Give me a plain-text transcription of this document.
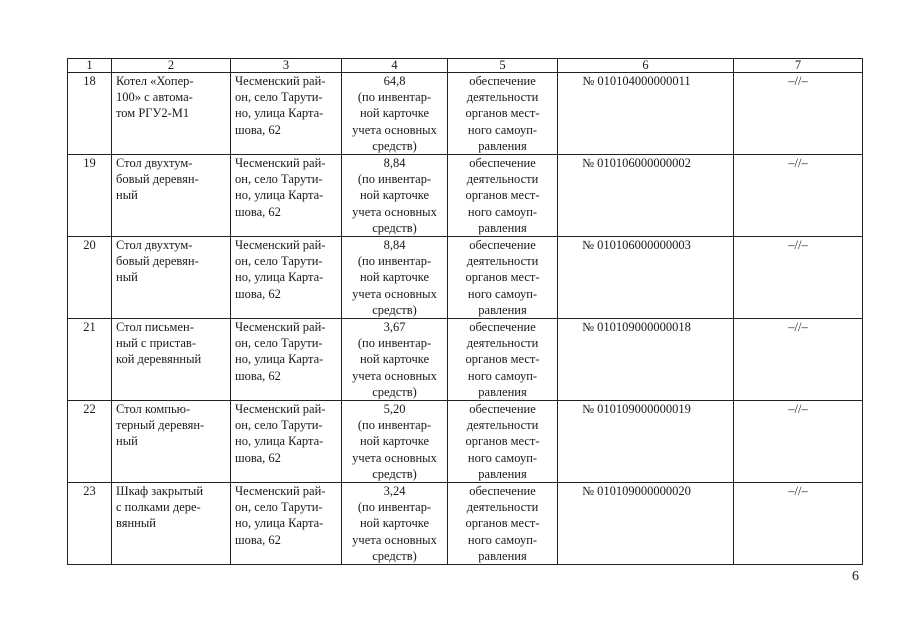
1	2	3	4	5	6	7
18	Котел «Хопер-
100» с автома-
том РГУ2-М1	Чесменский рай-
он, село Тарути-
но, улица Карта-
шова, 62	64,8
(по инвентар-
ной карточке
учета основных
средств)	обеспечение
деятельности
органов мест-
ного самоуп-
равления	№ 010104000000011	–//–
19	Стол двухтум-
бовый деревян-
ный	Чесменский рай-
он, село Тарути-
но, улица Карта-
шова, 62	8,84
(по инвентар-
ной карточке
учета основных
средств)	обеспечение
деятельности
органов мест-
ного самоуп-
равления	№ 010106000000002	–//–
20	Стол двухтум-
бовый деревян-
ный	Чесменский рай-
он, село Тарути-
но, улица Карта-
шова, 62	8,84
(по инвентар-
ной карточке
учета основных
средств)	обеспечение
деятельности
органов мест-
ного самоуп-
равления	№ 010106000000003	–//–
21	Стол письмен-
ный с пристав-
кой деревянный	Чесменский рай-
он, село Тарути-
но, улица Карта-
шова, 62	3,67
(по инвентар-
ной карточке
учета основных
средств)	обеспечение
деятельности
органов мест-
ного самоуп-
равления	№ 010109000000018	–//–
22	Стол компью-
терный деревян-
ный	Чесменский рай-
он, село Тарути-
но, улица Карта-
шова, 62	5,20
(по инвентар-
ной карточке
учета основных
средств)	обеспечение
деятельности
органов мест-
ного самоуп-
равления	№ 010109000000019	–//–
23	Шкаф закрытый
с полками дере-
вянный	Чесменский рай-
он, село Тарути-
но, улица Карта-
шова, 62	3,24
(по инвентар-
ной карточке
учета основных
средств)	обеспечение
деятельности
органов мест-
ного самоуп-
равления	№ 010109000000020	–//–
6
